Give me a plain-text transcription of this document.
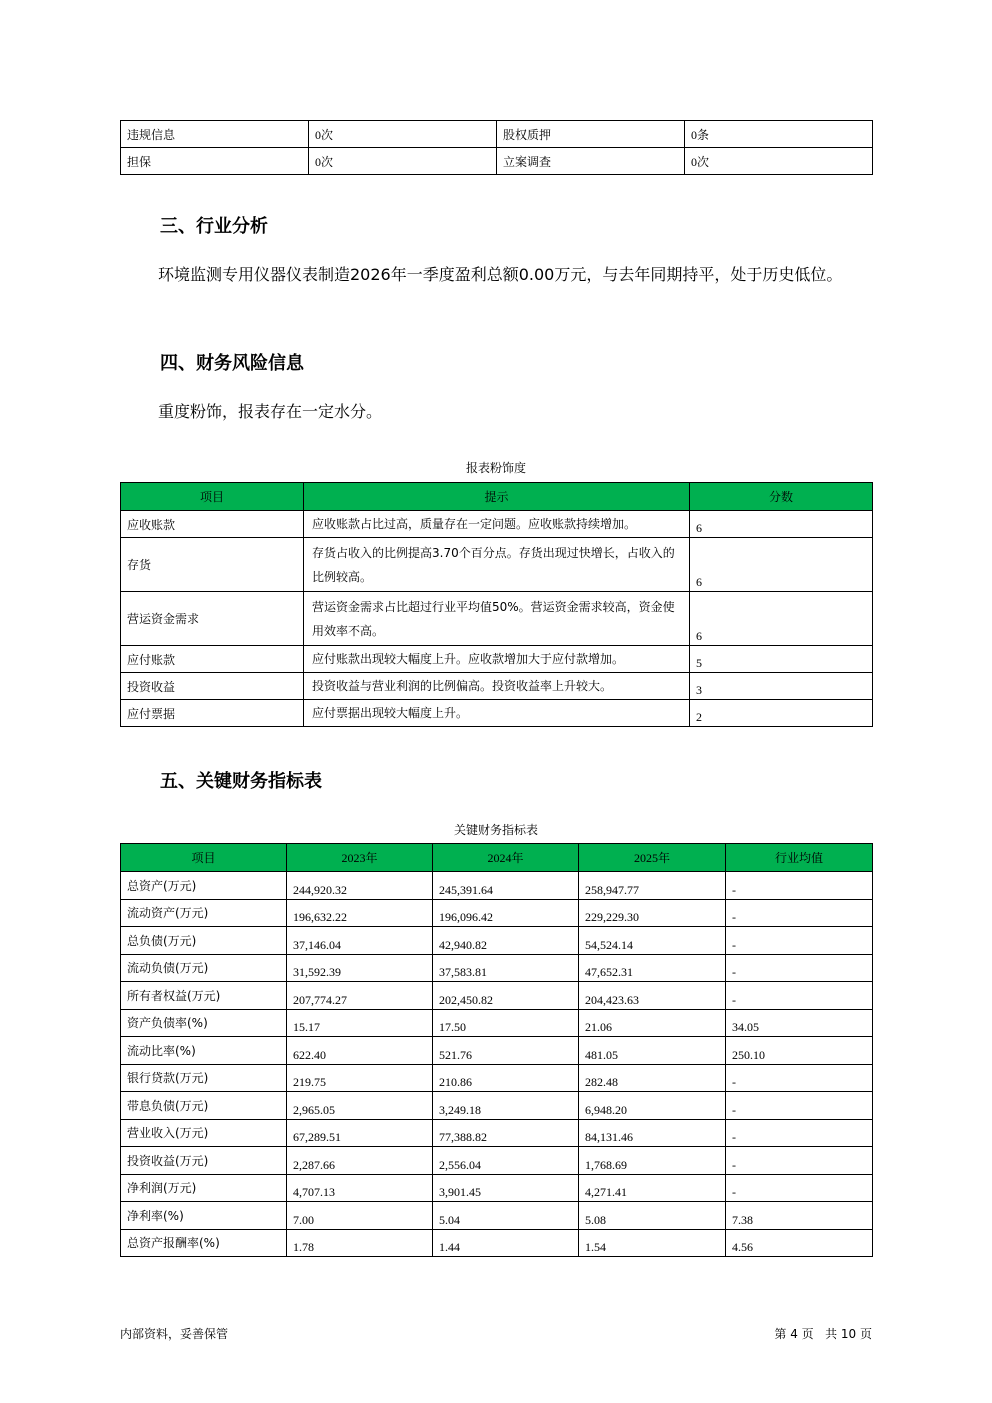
违规信息	0次	股权质押	0条
担保	0次	立案调查	0次
三、行业分析
环境监测专用仪器仪表制造2026年一季度盈利总额0.00万元，与去年同期持平，处于历史低位。
四、财务风险信息
重度粉饰，报表存在一定水分。
报表粉饰度
项目	提示	分数
应收账款	应收账款占比过高，质量存在一定问题。应收账款持续增加。	6
存货	存货占收入的比例提高3.70个百分点。存货出现过快增长，占收入的比例较高。	6
营运资金需求	营运资金需求占比超过行业平均值50%。营运资金需求较高，资金使用效率不高。	6
应付账款	应付账款出现较大幅度上升。应收款增加大于应付款增加。	5
投资收益	投资收益与营业利润的比例偏高。投资收益率上升较大。	3
应付票据	应付票据出现较大幅度上升。	2
五、关键财务指标表
关键财务指标表
项目	2023年	2024年	2025年	行业均值
总资产(万元)	244,920.32	245,391.64	258,947.77	-
流动资产(万元)	196,632.22	196,096.42	229,229.30	-
总负债(万元)	37,146.04	42,940.82	54,524.14	-
流动负债(万元)	31,592.39	37,583.81	47,652.31	-
所有者权益(万元)	207,774.27	202,450.82	204,423.63	-
资产负债率(%)	15.17	17.50	21.06	34.05
流动比率(%)	622.40	521.76	481.05	250.10
银行贷款(万元)	219.75	210.86	282.48	-
带息负债(万元)	2,965.05	3,249.18	6,948.20	-
营业收入(万元)	67,289.51	77,388.82	84,131.46	-
投资收益(万元)	2,287.66	2,556.04	1,768.69	-
净利润(万元)	4,707.13	3,901.45	4,271.41	-
净利率(%)	7.00	5.04	5.08	7.38
总资产报酬率(%)	1.78	1.44	1.54	4.56
内部资料，妥善保管	第 4 页   共 10 页
